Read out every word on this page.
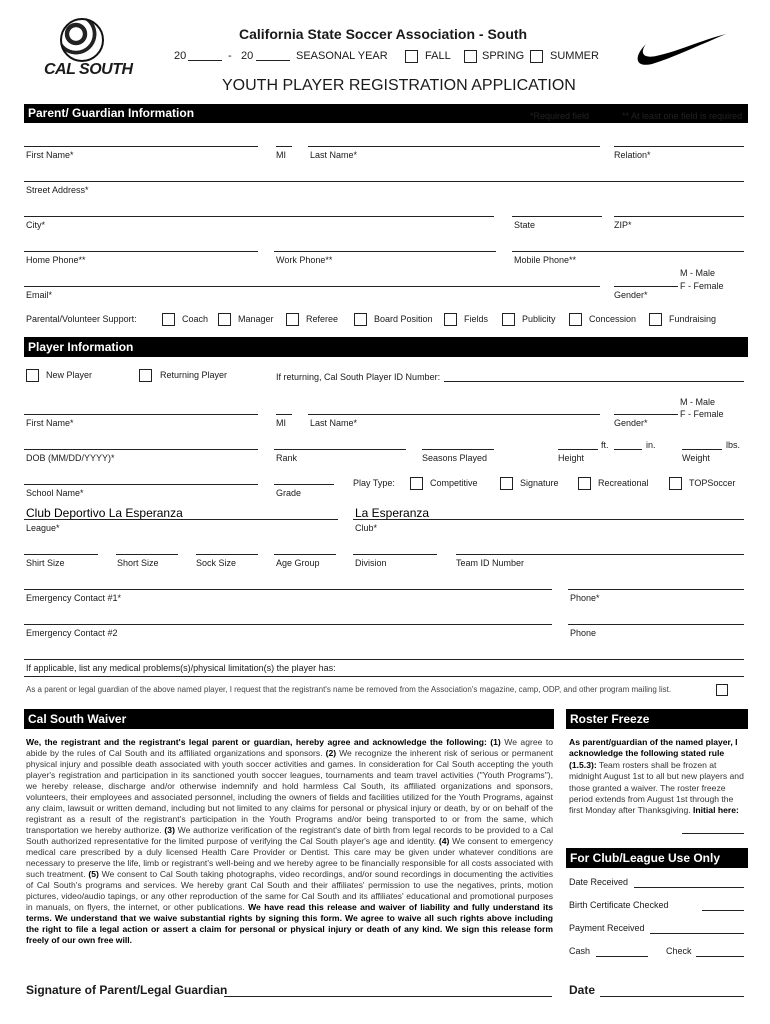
CAL SOUTH
California State Soccer Association - South
20	- 20	SEASONAL YEAR	FALL	SPRING SUMMER
YOUTH PLAYER REGISTRATION APPLICATION
Parent/ Guardian Information	*Required field	** At least one field is required
First Name*	MI	Last Name*	Relation*
Street Address*
City*	State	ZIP*
Home Phone**	Work Phone**	Mobile Phone**
M - Male
F - Female
Email*	Gender*
Parental/Volunteer Support:	Coach	Manager	Referee	Board Position	Fields	Publicity	Concession	Fundraising
Player Information
New Player	Returning Player	If returning, Cal South Player ID Number:
M - Male
F - Female
First Name*	MI	Last Name*	Gender*
ft.	in.	lbs.
DOB (MM/DD/YYYY)*	Rank	Seasons Played	Height	Weight
School Name*	Grade
Play Type:	Competitive	Signature	Recreational	TOPSoccer
Club Deportivo La Esperanza	La Esperanza
League*	Club*
Shirt Size	Short Size	Sock Size	Age Group	Division	Team ID Number
Emergency Contact #1*	Phone*
Emergency Contact #2	Phone
If applicable, list any medical problems(s)/physical limitation(s) the player has:
As a parent or legal guardian of the above named player, I request that the registrant's name be removed from the Association's magazine, camp, ODP, and other program mailing list.
Cal South Waiver
We, the registrant and the registrant's legal parent or guardian, hereby agree and acknowledge the following: (1) We agree to abide by the rules of Cal South and its affiliated organizations and sponsors. (2) We recognize the inherent risk of serious or permanent physical injury and possible death associated with youth soccer activities and games. In consideration for Cal South accepting the youth player's registration and participation in its sanctioned youth soccer leagues, tournaments and team travel activities ("Youth Programs"), we hereby release, discharge and/or otherwise indemnify and hold harmless Cal South, its affiliated organizations and sponsors, volunteers, their employees and associated personnel, including the owners of fields and facilities utilized for the Youth Programs, against any claim, lawsuit or written demand, including but not limited to any claims for personal or physical injury or death, by or on behalf of the registrant as a result of the registrant's participation in the Youth Programs and/or being transported to or from the same, which transportation we hereby authorize. (3) We authorize verification of the registrant's date of birth from legal records to be provided to a Cal South authorized representative for the limited purpose of verifying the Cal South player's age and identity. (4) We consent to emergency medical care prescribed by a duly licensed Health Care Provider or Dentist. This care may be given under whatever conditions are necessary to preserve the life, limb or registrant's well-being and we hereby agree to be financially responsible for all costs associated with such treatment. (5) We consent to Cal South taking photographs, video recordings, and/or sound recordings in documenting the activities of Cal South's programs and services. We hereby grant Cal South and their affiliates' permission to use the negatives, prints, motion pictures, video/audio tapings, or any other reproduction of the same for Cal South and its affiliates' educational and promotional purposes in manuals, on flyers, the internet, or other publications. We have read this release and waiver of liability and fully understand its terms. We understand that we waive substantial rights by signing this form. We agree to waive all such rights above including the right to file a legal action or assert a claim for personal or physical injury or death of any kind. We sign this release form freely of our own free will.
Signature of Parent/Legal Guardian
Roster Freeze
As parent/guardian of the named player, I acknowledge the following stated rule (1.5.3): Team rosters shall be frozen at midnight August 1st to all but new players and those granted a waiver. The roster freeze period extends from August 1st through the first Monday after Thanksgiving. Initial here:
For Club/League Use Only
Date Received
Birth Certificate Checked
Payment Received
Cash	Check
Date
